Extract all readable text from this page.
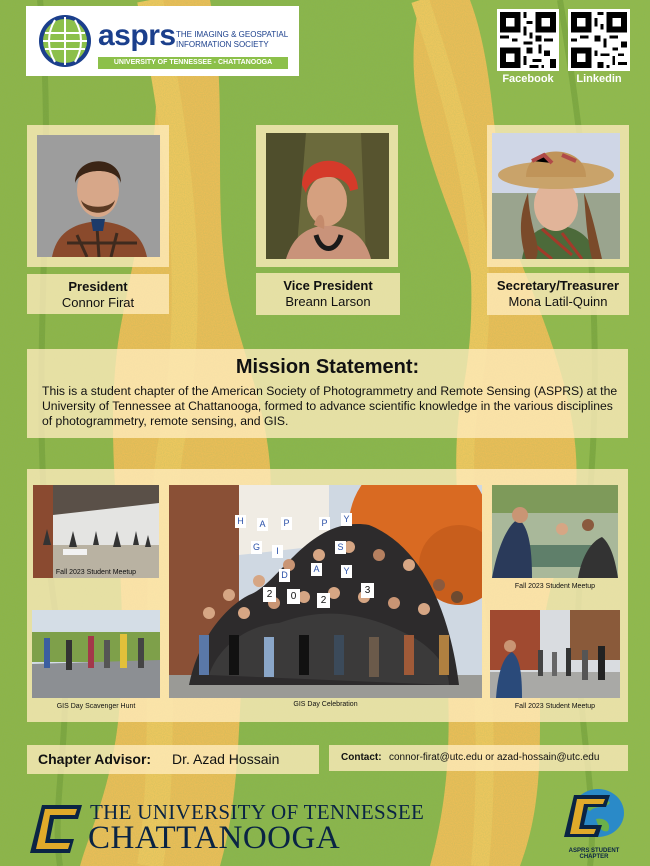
asprs THE IMAGING & GEOSPATIAL
INFORMATION SOCIETY
UNIVERSITY OF TENNESSEE - CHATTANOOGA
Facebook	Linkedin
President
Connor Firat
Vice President
Breann Larson
Secretary/Treasurer
Mona Latil-Quinn
Mission Statement:
This is a student chapter of the American Society of Photogrammetry and Remote Sensing (ASPRS) at the University of Tennessee at Chattanooga, formed to advance scientific knowledge in the various disciplines of photogrammetry, remote sensing, and GIS.
Fall 2023 Student Meetup
GIS Day Scavenger Hunt
H A P	P Y
G	I	S
D
A	Y
2	0	2
3
GIS Day Celebration
Fall 2023 Student Meetup
Fall 2023 Student Meetup
Chapter Advisor: Dr. Azad Hossain	Contact: connor-firat@utc.edu or azad-hossain@utc.edu
THE UNIVERSITY OF TENNESSEE
CHATTANOOGA	ASPRS STUDENT CHAPTER
